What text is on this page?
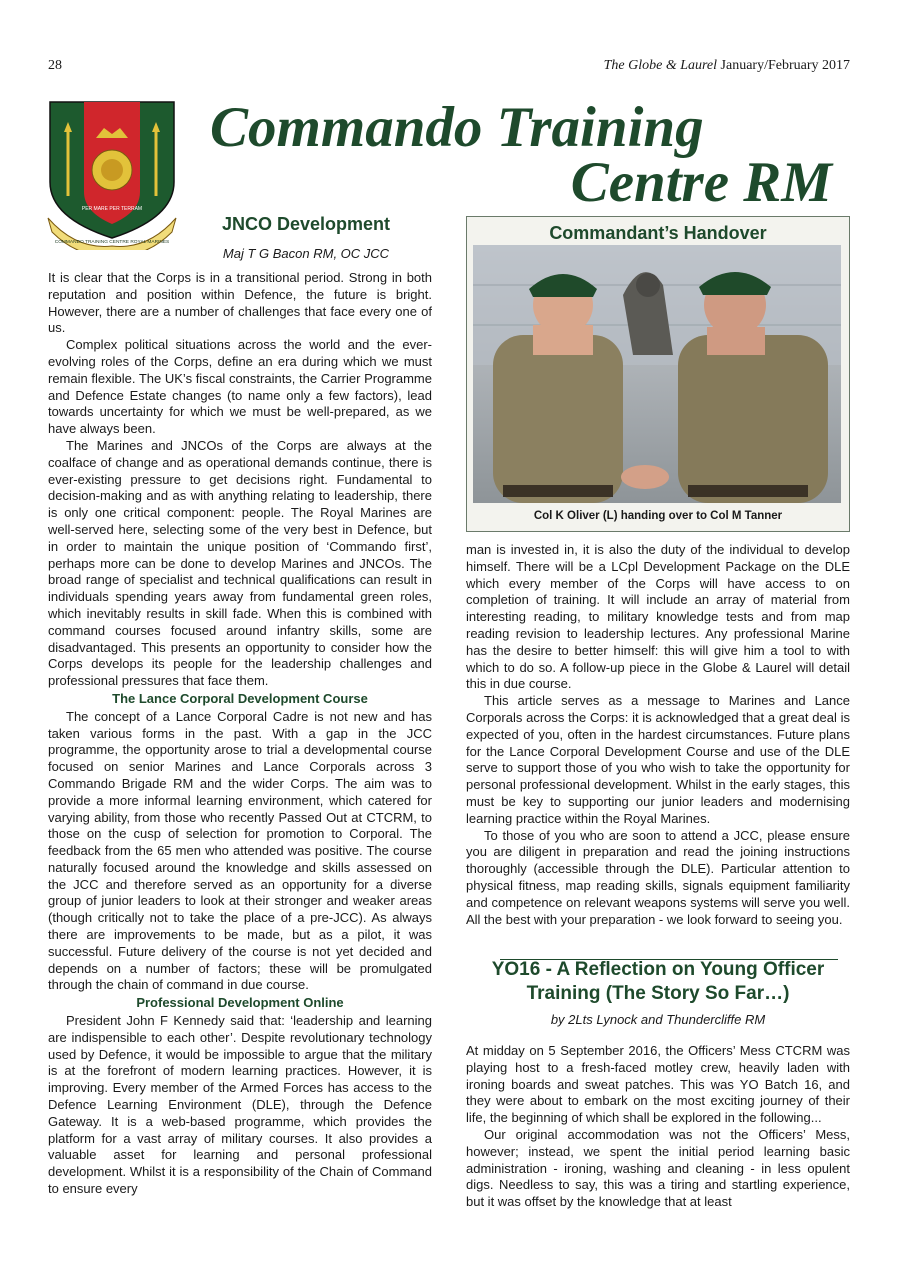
28	The Globe & Laurel January/February 2017
COMMANDO TRAINING CENTRE ROYAL MARINES
PER MARE PER TERRAM
Commando Training
Centre RM
JNCO Development
Maj T G Bacon RM, OC JCC

It is clear that the Corps is in a transitional period. Strong in both reputation and position within Defence, the future is bright. However, there are a number of challenges that face every one of us.

Complex political situations across the world and the ever-evolving roles of the Corps, define an era during which we must remain flexible. The UK’s fiscal constraints, the Carrier Programme and Defence Estate changes (to name only a few factors), lead towards uncertainty for which we must be well-prepared, as we have always been.

The Marines and JNCOs of the Corps are always at the coalface of change and as operational demands continue, there is ever-existing pressure to get decisions right. Fundamental to decision-making and as with anything relating to leadership, there is only one critical component: people. The Royal Marines are well-served here, selecting some of the very best in Defence, but in order to maintain the unique position of ‘Commando first’, perhaps more can be done to develop Marines and JNCOs. The broad range of specialist and technical qualifications can result in individuals spending years away from fundamental green roles, which inevitably results in skill fade. When this is combined with command courses focused around infantry skills, some are disadvantaged. This presents an opportunity to consider how the Corps develops its people for the leadership challenges and professional pressures that face them.

The Lance Corporal Development Course

The concept of a Lance Corporal Cadre is not new and has taken various forms in the past. With a gap in the JCC programme, the opportunity arose to trial a developmental course focused on senior Marines and Lance Corporals across 3 Commando Brigade RM and the wider Corps. The aim was to provide a more informal learning environment, which catered for varying ability, from those who recently Passed Out at CTCRM, to those on the cusp of selection for promotion to Corporal. The feedback from the 65 men who attended was positive. The course naturally focused around the knowledge and skills assessed on the JCC and therefore served as an opportunity for a diverse group of junior leaders to look at their stronger and weaker areas (though critically not to take the place of a pre-JCC). As always there are improvements to be made, but as a pilot, it was successful. Future delivery of the course is not yet decided and depends on a number of factors; these will be promulgated through the chain of command in due course.

Professional Development Online

President John F Kennedy said that: ‘leadership and learning are indispensible to each other’. Despite revolutionary technology used by Defence, it would be impossible to argue that the military is at the forefront of modern learning practices. However, it is improving. Every member of the Armed Forces has access to the Defence Learning Environment (DLE), through the Defence Gateway. It is a web-based programme, which provides the platform for a vast array of military courses. It also provides a valuable asset for learning and personal professional development. Whilst it is a responsibility of the Chain of Command to ensure every

Commandant’s Handover
Col K Oliver (L) handing over to Col M Tanner

man is invested in, it is also the duty of the individual to develop himself. There will be a LCpl Development Package on the DLE which every member of the Corps will have access to on completion of training. It will include an array of material from interesting reading, to military knowledge tests and from map reading revision to leadership lectures. Any professional Marine has the desire to better himself: this will give him a tool to with which to do so. A follow-up piece in the Globe & Laurel will detail this in due course.

This article serves as a message to Marines and Lance Corporals across the Corps: it is acknowledged that a great deal is expected of you, often in the hardest circumstances. Future plans for the Lance Corporal Development Course and use of the DLE serve to support those of you who wish to take the opportunity for personal professional development. Whilst in the early stages, this must be key to supporting our junior leaders and modernising learning practice within the Royal Marines.

To those of you who are soon to attend a JCC, please ensure you are diligent in preparation and read the joining instructions thoroughly (accessible through the DLE). Particular attention to physical fitness, map reading skills, signals equipment familiarity and competence on relevant weapons systems will serve you well. All the best with your preparation - we look forward to seeing you.

YO16 - A Reflection on Young Officer Training (The Story So Far…)
by 2Lts Lynock and Thundercliffe RM

At midday on 5 September 2016, the Officers’ Mess CTCRM was playing host to a fresh-faced motley crew, heavily laden with ironing boards and sweat patches. This was YO Batch 16, and they were about to embark on the most exciting journey of their life, the beginning of which shall be explored in the following...

Our original accommodation was not the Officers’ Mess, however; instead, we spent the initial period learning basic administration - ironing, washing and cleaning - in less opulent digs. Needless to say, this was a tiring and startling experience, but it was offset by the knowledge that at least
